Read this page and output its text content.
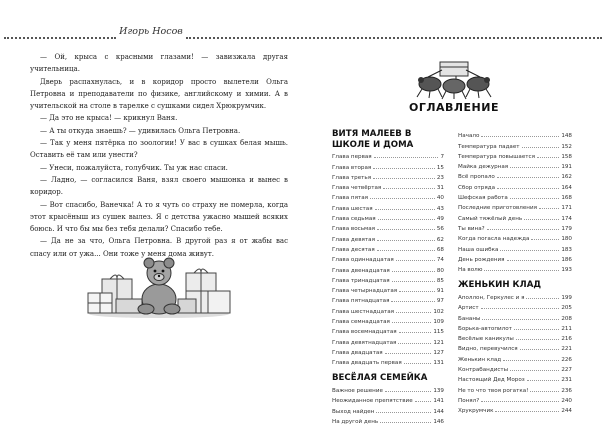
Игорь Носов

— Ой, крыса с красными глазами! — завизжала другая учительница.

Дверь распахнулась, и в коридор просто вылетели Ольга Петровна и преподаватели по физике, английскому и химии. А в учительской на столе в тарелке с сушками сидел Хрюкрумчик.

— Да это не крыса! — крикнул Ваня.

— А ты откуда знаешь? — удивилась Ольга Петровна.

— Так у меня пятёрка по зоологии! У вас в сушках белая мышь. Оставить её там или унести?

— Унеси, пожалуйста, голубчик. Ты уж нас спаси.

— Ладно, — согласился Ваня, взял своего мышонка и вынес в коридор.

— Вот спасибо, Ванечка! А то я чуть со страху не померла, когда этот крысёныш из сушек вылез. Я с детства ужасно мышей всяких боюсь. И что бы мы без тебя делали? Спасибо тебе.

— Да не за что, Ольга Петровна. В другой раз я от жабы вас спасу или от ужа... Они тоже у меня дома живут.

ОГЛАВЛЕНИЕ
ВИТЯ МАЛЕЕВ В ШКОЛЕ И ДОМА
Глава первая	7
Глава вторая	15
Глава третья	23
Глава четвёртая	31
Глава пятая	40
Глава шестая	43
Глава седьмая	49
Глава восьмая	56
Глава девятая	62
Глава десятая	68
Глава одиннадцатая	74
Глава двенадцатая	80
Глава тринадцатая	85
Глава четырнадцатая	91
Глава пятнадцатая	97
Глава шестнадцатая	102
Глава семнадцатая	109
Глава восемнадцатая	115
Глава девятнадцатая	121
Глава двадцатая	127
Глава двадцать первая	131
ВЕСЁЛАЯ СЕМЕЙКА
Важное решение	139
Неожиданное препятствие	141
Выход найден	144
На другой день	146
Начало	148
Температура падает	152
Температура повышается	158
Майка дежурная	191
Всё пропало	162
Сбор отряда	164
Шефская работа	168
Последние приготовления	171
Самый тяжёлый день	174
Ты вина?	179
Когда погасла надежда	180
Наша ошибка	183
День рождения	186
На волю	193
ЖЕНЬКИН КЛАД
Аполлон, Геркулес и я	199
Артист	205
Бананы	208
Борька-автопилот	211
Весёлые каникулы	216
Видно, перевучился	221
Женькин клад	226
Контрабандисты	227
Настоящий Дед Мороз	231
Не то что твоя рогатка!	236
Понял?	240
Хрукрумчик	244
